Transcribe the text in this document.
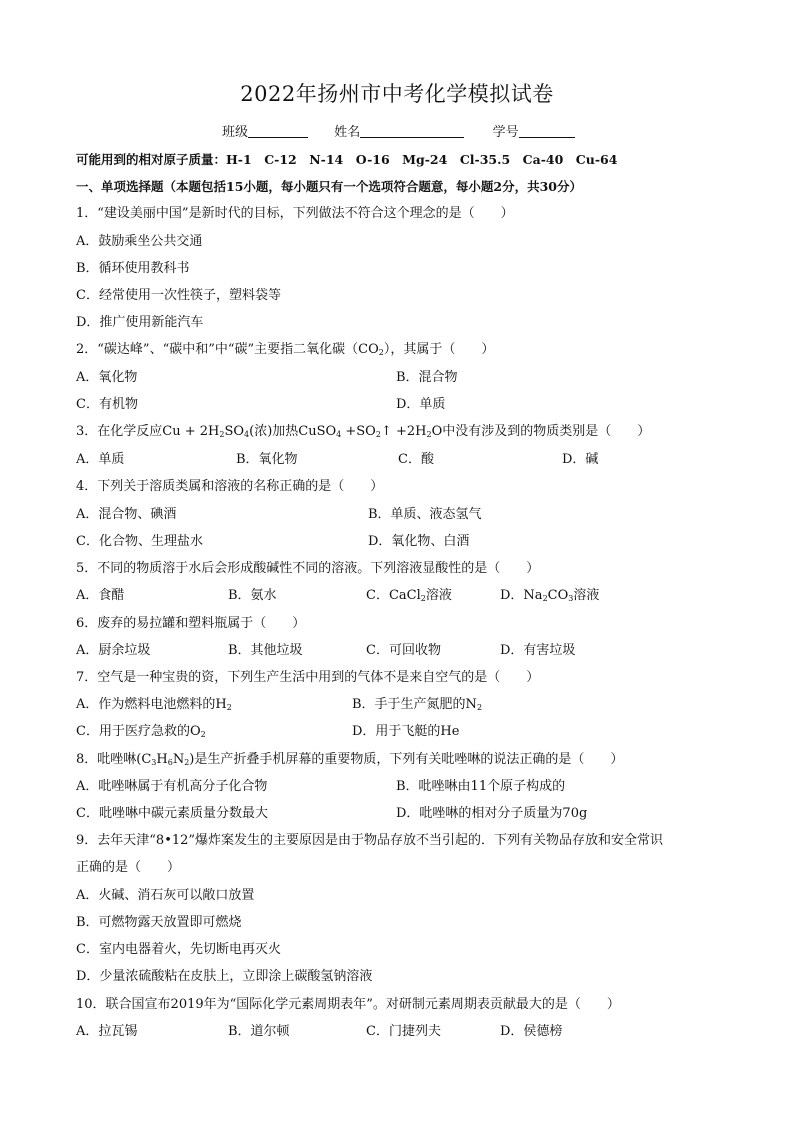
2022年扬州市中考化学模拟试卷
班级	姓名	学号
可能用到的相对原子质量：H-1　C-12　N-14　O-16　Mg-24　Cl-35.5　Ca-40　Cu-64
一、单项选择题（本题包括15小题，每小题只有一个选项符合题意，每小题2分，共30分）
1．“建设美丽中国”是新时代的目标，下列做法不符合这个理念的是（　　）
A．鼓励乘坐公共交通
B．循环使用教科书
C．经常使用一次性筷子，塑料袋等
D．推广使用新能汽车
2．“碳达峰”、“碳中和”中“碳”主要指二氧化碳$(CO_2)$，其属于（　　）
A．氧化物	B．混合物
C．有机物	D．单质
3．在化学反应$Cu + 2H_2SO_4$(浓)加热CuSO$_4$ $+SO_2↑ +2H_2O$中没有涉及到的物质类别是（　　）
A．单质	B．氧化物	C．酸	D．碱
4．下列关于溶质类属和溶液的名称正确的是（　　）
A．混合物、碘酒	B．单质、液态氢气
C．化合物、生理盐水	D．氧化物、白酒
5．不同的物质溶于水后会形成酸碱性不同的溶液。下列溶液显酸性的是（　　）
A．食醋	B．氨水	C．CaCl$_2$溶液	D．$Na_2CO_3$溶液
6．废弃的易拉罐和塑料瓶属于（　　）
A．厨余垃圾	B．其他垃圾	C．可回收物	D．有害垃圾
7．空气是一种宝贵的资，下列生产生活中用到的气体不是来自空气的是（　　）
A．作为燃料电池燃料的$H_2$	B．手于生产氮肥的$N_2$
C．用于医疗急救的$O_2$	D．用于飞艇的He
8．吡唑啉$(C_3H_6N_2)$是生产折叠手机屏幕的重要物质，下列有关吡唑啉的说法正确的是（　　）
A．吡唑啉属于有机高分子化合物	B．吡唑啉由11个原子构成的
C．吡唑啉中碳元素质量分数最大	D．吡唑啉的相对分子质量为70g
9．去年天津“8•12”爆炸案发生的主要原因是由于物品存放不当引起的．下列有关物品存放和安全常识
正确的是（　　）
A．火碱、消石灰可以敞口放置
B．可燃物露天放置即可燃烧
C．室内电器着火，先切断电再灭火
D．少量浓硫酸粘在皮肤上，立即涂上碳酸氢钠溶液
10．联合国宣布2019年为“国际化学元素周期表年”。对研制元素周期表贡献最大的是（　　）
A．拉瓦锡	B．道尔顿	C．门捷列夫	D．侯德榜
